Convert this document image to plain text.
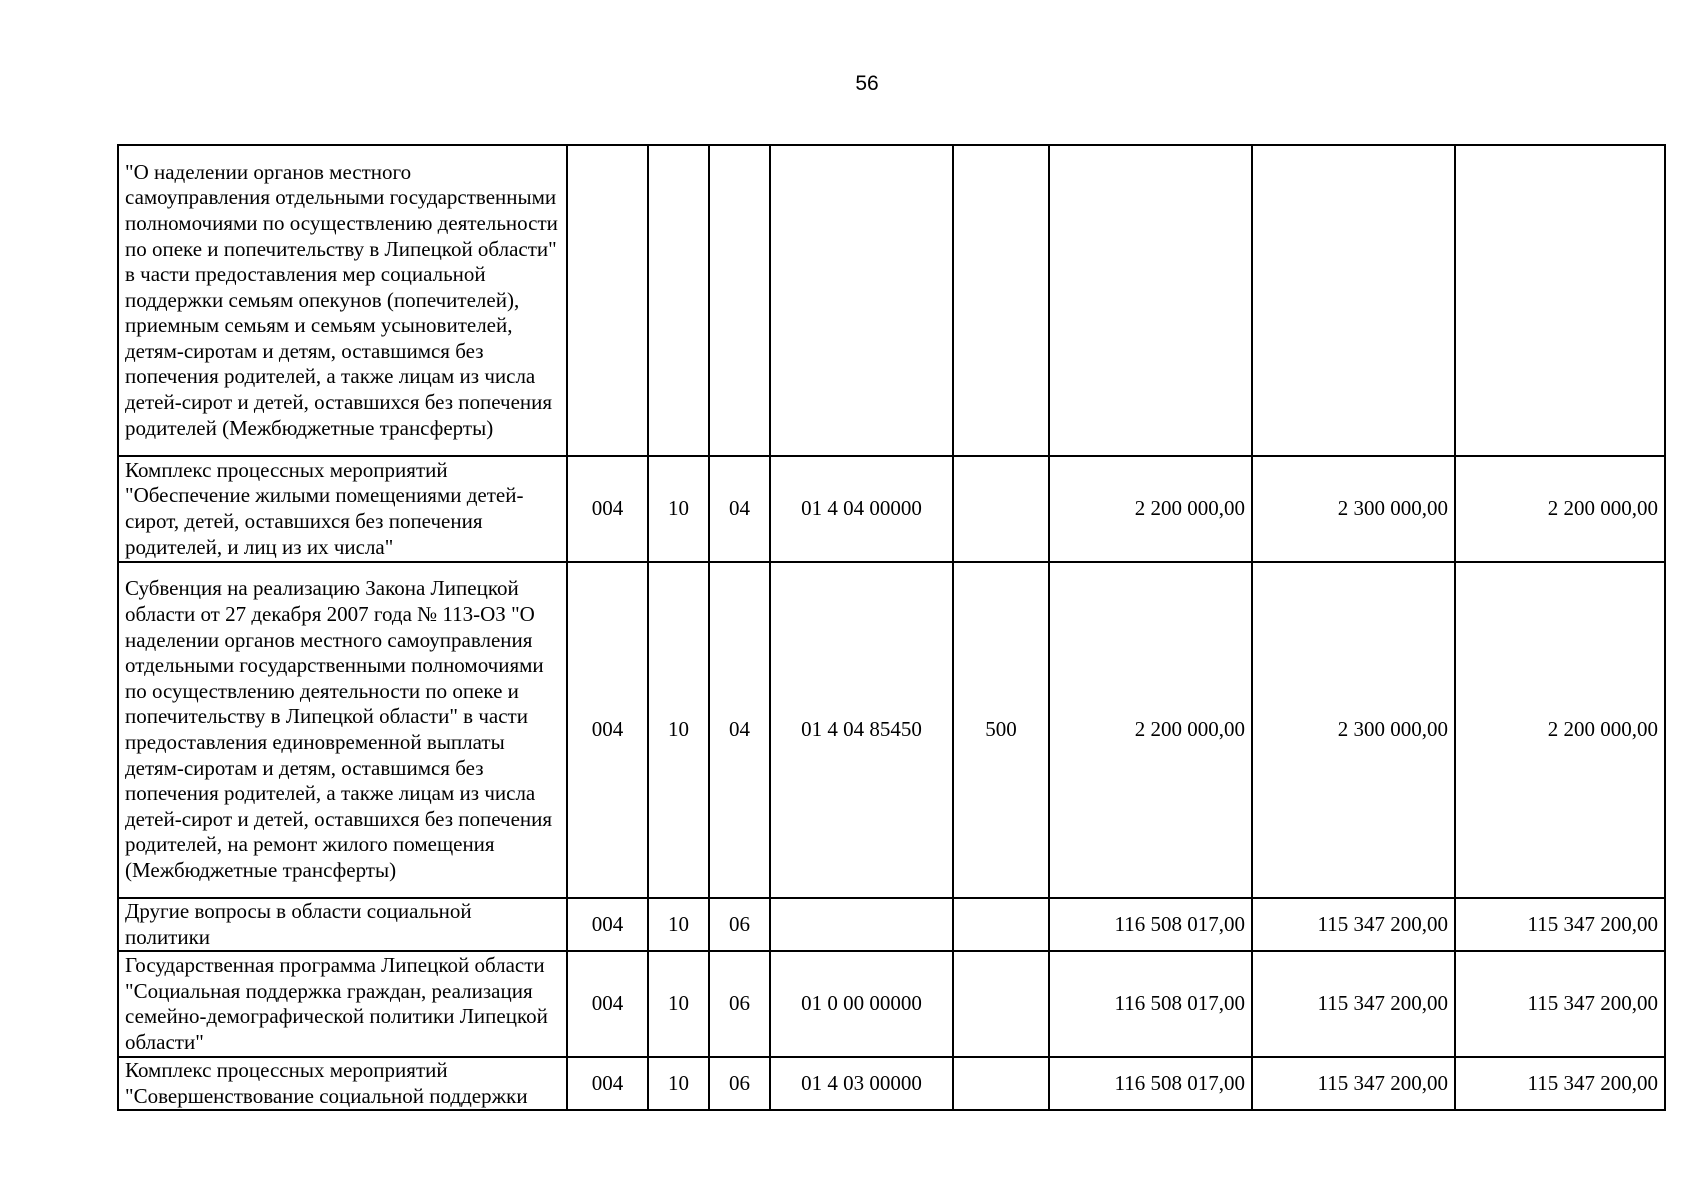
56
"О наделении органов местного самоуправления отдельными государственными полномочиями по осуществлению деятельности по опеке и попечительству в Липецкой области" в части предоставления мер социальной поддержки семьям опекунов (попечителей), приемным семьям и семьям усыновителей, детям-сиротам и детям, оставшимся без попечения родителей, а также лицам из числа детей-сирот и детей, оставшихся без попечения родителей (Межбюджетные трансферты)								
Комплекс процессных мероприятий "Обеспечение жилыми помещениями детей-сирот, детей, оставшихся без попечения родителей, и лиц из их числа"	004	10	04	01 4 04 00000		2 200 000,00	2 300 000,00	2 200 000,00
Субвенция на реализацию Закона Липецкой области от 27 декабря 2007 года № 113-ОЗ "О наделении органов местного самоуправления отдельными государственными полномочиями по осуществлению деятельности по опеке и попечительству в Липецкой области" в части предоставления единовременной выплаты детям-сиротам и детям, оставшимся без попечения родителей, а также лицам из числа детей-сирот и детей, оставшихся без попечения родителей, на ремонт жилого помещения (Межбюджетные трансферты)	004	10	04	01 4 04 85450	500	2 200 000,00	2 300 000,00	2 200 000,00
Другие вопросы в области социальной политики	004	10	06			116 508 017,00	115 347 200,00	115 347 200,00
Государственная программа Липецкой области "Социальная поддержка граждан, реализация семейно-демографической политики Липецкой области"	004	10	06	01 0 00 00000		116 508 017,00	115 347 200,00	115 347 200,00
Комплекс процессных мероприятий "Совершенствование социальной поддержки	004	10	06	01 4 03 00000		116 508 017,00	115 347 200,00	115 347 200,00
